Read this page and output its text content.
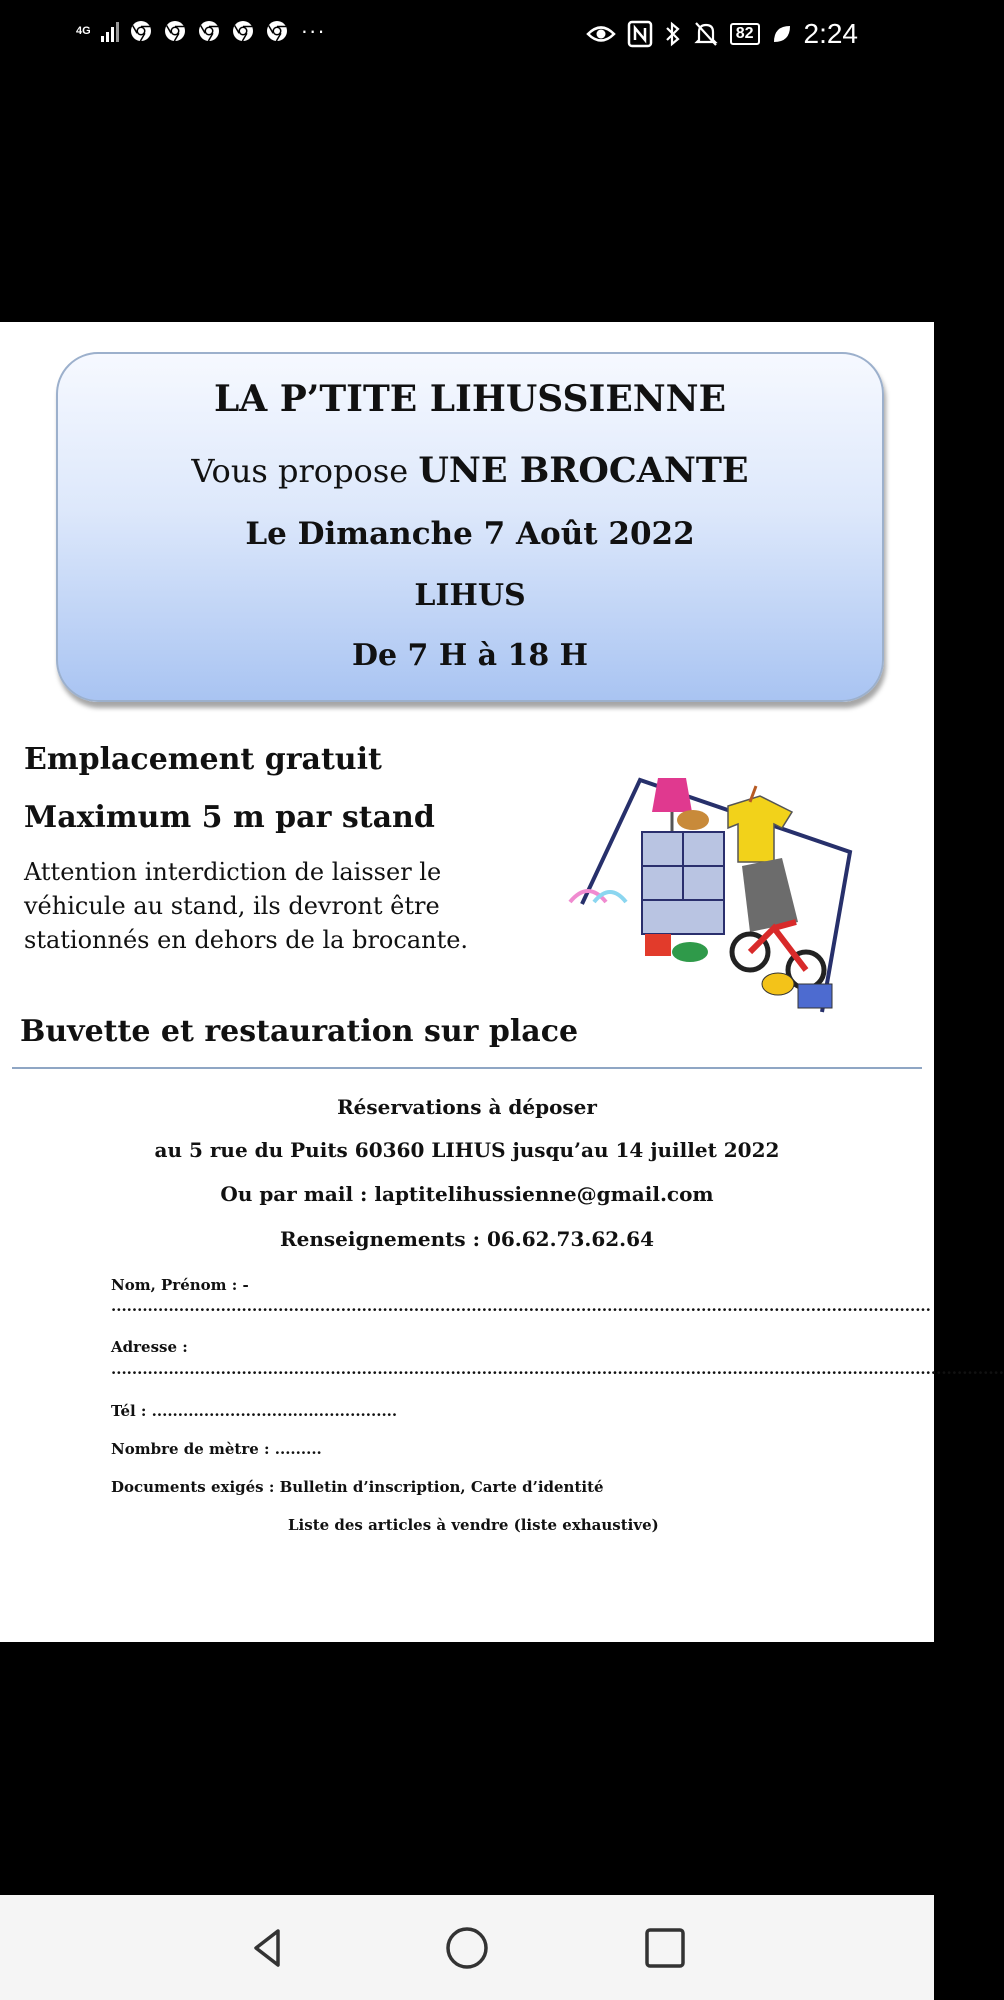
4G	···	82 2:24
LA P’TITE LIHUSSIENNE
Vous propose UNE BROCANTE
Le Dimanche 7 Août 2022
LIHUS
De 7 H à 18 H
Emplacement gratuit
Maximum 5 m par stand
Attention interdiction de laisser le véhicule au stand, ils devront être stationnés en dehors de la brocante.
Buvette et restauration sur place
Réservations à déposer
au 5 rue du Puits 60360 LIHUS jusqu’au 14 juillet 2022
Ou par mail : laptitelihussienne@gmail.com
Renseignements : 06.62.73.62.64
Nom, Prénom : -
.............................................................................................................................................................
Adresse :
...........................................................................................................................................................................
Tél : ...............................................
Nombre de mètre : .........
Documents exigés : Bulletin d’inscription, Carte d’identité
Liste des articles à vendre (liste exhaustive)
